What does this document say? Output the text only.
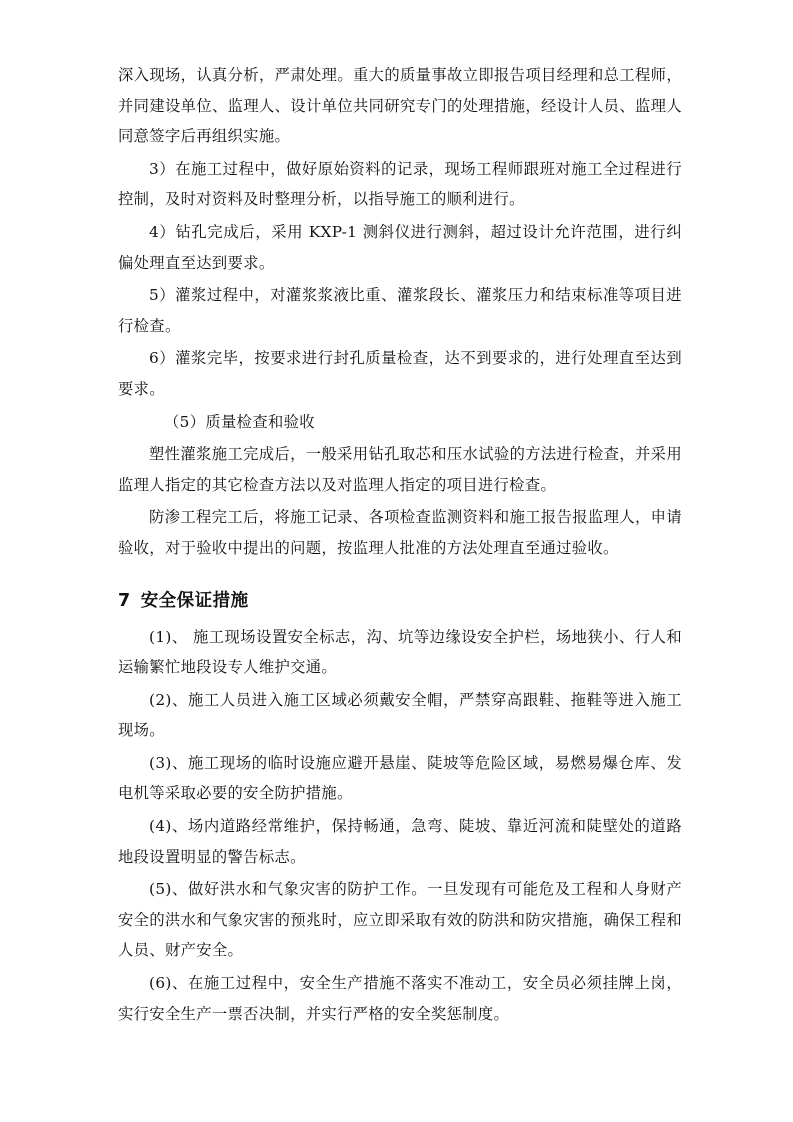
深入现场，认真分析，严肃处理。重大的质量事故立即报告项目经理和总工程师，并同建设单位、监理人、设计单位共同研究专门的处理措施，经设计人员、监理人同意签字后再组织实施。

3）在施工过程中，做好原始资料的记录，现场工程师跟班对施工全过程进行控制，及时对资料及时整理分析，以指导施工的顺利进行。

4）钻孔完成后，采用 KXP-1 测斜仪进行测斜，超过设计允许范围，进行纠偏处理直至达到要求。

5）灌浆过程中，对灌浆浆液比重、灌浆段长、灌浆压力和结束标准等项目进行检查。

6）灌浆完毕，按要求进行封孔质量检查，达不到要求的，进行处理直至达到要求。

（5）质量检查和验收

塑性灌浆施工完成后，一般采用钻孔取芯和压水试验的方法进行检查，并采用监理人指定的其它检查方法以及对监理人指定的项目进行检查。

防渗工程完工后，将施工记录、各项检查监测资料和施工报告报监理人，申请验收，对于验收中提出的问题，按监理人批准的方法处理直至通过验收。

7 安全保证措施

(1)、 施工现场设置安全标志，沟、坑等边缘设安全护栏，场地狭小、行人和运输繁忙地段设专人维护交通。

(2)、施工人员进入施工区域必须戴安全帽，严禁穿高跟鞋、拖鞋等进入施工现场。

(3)、施工现场的临时设施应避开悬崖、陡坡等危险区域，易燃易爆仓库、发电机等采取必要的安全防护措施。

(4)、场内道路经常维护，保持畅通，急弯、陡坡、靠近河流和陡壁处的道路地段设置明显的警告标志。

(5)、做好洪水和气象灾害的防护工作。一旦发现有可能危及工程和人身财产安全的洪水和气象灾害的预兆时，应立即采取有效的防洪和防灾措施，确保工程和人员、财产安全。

(6)、在施工过程中，安全生产措施不落实不准动工，安全员必须挂牌上岗，实行安全生产一票否决制，并实行严格的安全奖惩制度。
